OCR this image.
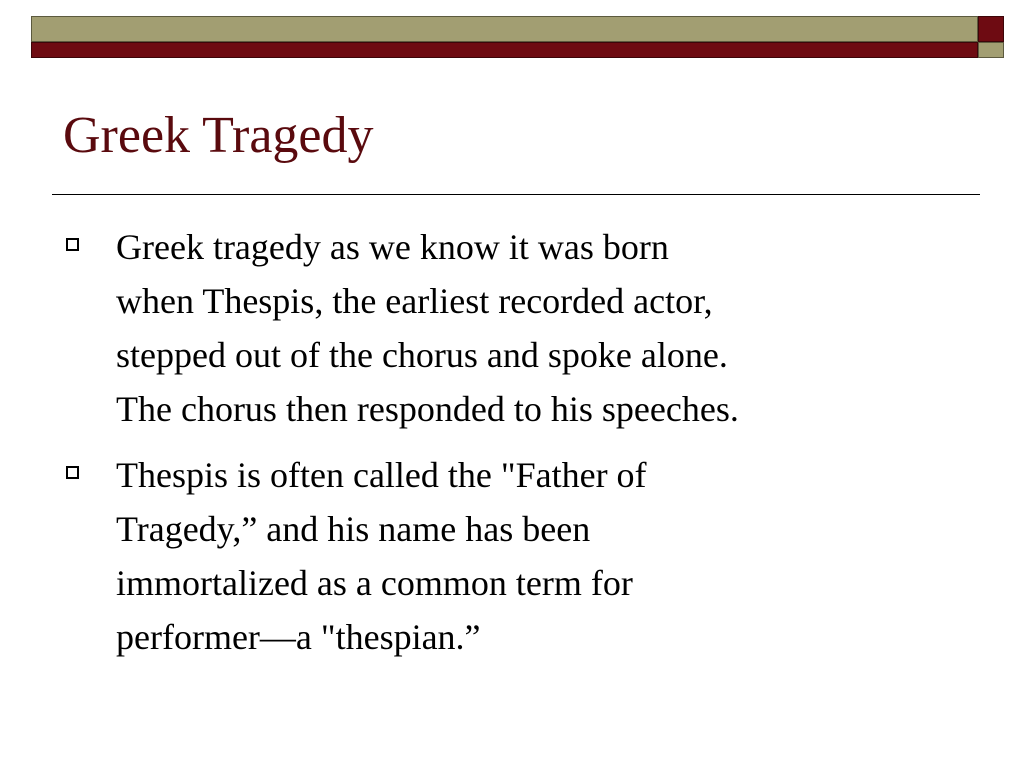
Greek Tragedy
Greek tragedy as we know it was born
when Thespis, the earliest recorded actor,
stepped out of the chorus and spoke alone.
The chorus then responded to his speeches.
Thespis is often called the "Father of
Tragedy,” and his name has been
immortalized as a common term for
performer—a "thespian.”
